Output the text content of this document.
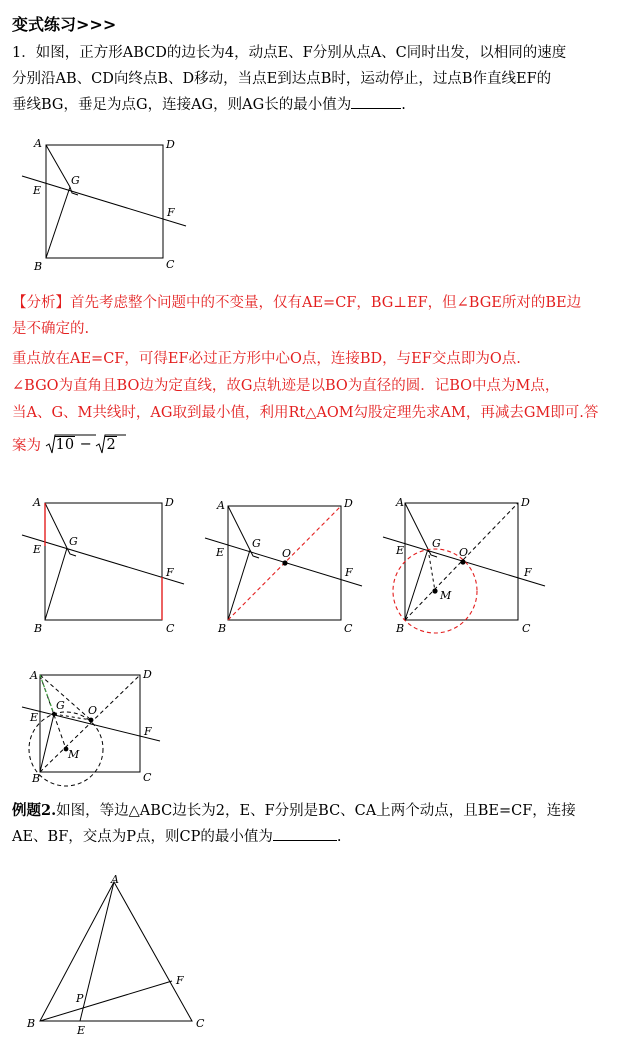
变式练习>>>
1．如图，正方形ABCD的边长为4，动点E、F分别从点A、C同时出发，以相同的速度
分别沿AB、CD向终点B、D移动，当点E到达点B时，运动停止，过点B作直线EF的
垂线BG，垂足为点G，连接AG，则AG长的最小值为	.
A	D
E
G
F
B	C
【分析】首先考虑整个问题中的不变量，仅有AE=CF，BG⊥EF，但∠BGE所对的BE边
是不确定的.
重点放在AE=CF，可得EF必过正方形中心O点，连接BD，与EF交点即为O点.
∠BGO为直角且BO边为定直线，故G点轨迹是以BO为直径的圆．记BO中点为M点，
当A、G、M共线时，AG取到最小值，利用Rt△AOM勾股定理先求AM，再减去GM即可.答
案为 10 −
2
A	D
E
G
F
B	C
A	D
E
G
O
F
B	C
A	D
E
G
O
M
F
B	C
A	D
E
G O
F
M
B	C
例题2.如图，等边△ABC边长为2，E、F分别是BC、CA上两个动点，且BE=CF，连接
AE、BF，交点为P点，则CP的最小值为	.
A
F
P
B
E
C
